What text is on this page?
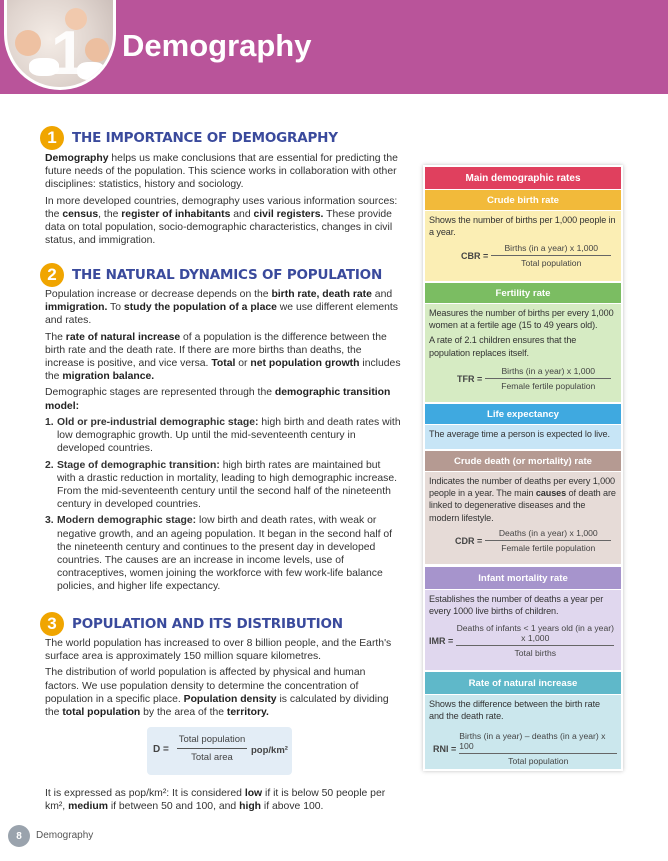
1 Demography
1	THE IMPORTANCE OF DEMOGRAPHY

Demography helps us make conclusions that are essential for predicting the future needs of the population. This science works in collaboration with other disciplines: statistics, history and sociology.

In more developed countries, demography uses various information sources: the census, the register of inhabitants and civil registers. These provide data on total population, socio-demographic characteristics, changes in civil status, and immigration.

2	THE NATURAL DYNAMICS OF POPULATION

Population increase or decrease depends on the birth rate, death rate and immigration. To study the population of a place we use different elements and rates.

The rate of natural increase of a population is the difference between the birth rate and the death rate. If there are more births than deaths, the increase is positive, and vice versa. Total or net population growth includes the migration balance.

Demographic stages are represented through the demographic transition model:

1. Old or pre-industrial demographic stage: high birth and death rates with low demographic growth. Up until the mid-seventeenth century in developed countries.
2. Stage of demographic transition: high birth rates are maintained but with a drastic reduction in mortality, leading to high demographic increase. From the mid-seventeenth century until the second half of the nineteenth century in developed countries.
3. Modern demographic stage: low birth and death rates, with weak or negative growth, and an ageing population. It began in the second half of the nineteenth century and continues to the present day in developed countries. The causes are an increase in income levels, use of contraceptives, women joining the workforce with few work-life balance policies, and higher life expectancy.
3	POPULATION AND ITS DISTRIBUTION

The world population has increased to over 8 billion people, and the Earth's surface area is approximately 150 million square kilometres.

The distribution of world population is affected by physical and human factors. We use population density to determine the concentration of population in a specific place. Population density is calculated by dividing the total population by the area of the territory.

D =
Total population
Total area
pop/km²

It is expressed as pop/km²: It is considered low if it is below 50 people per km², medium if between 50 and 100, and high if above 100.

8	Demography
Main demographic rates
Crude birth rate
Shows the number of births per 1,000 people in a year.
CBR =
Births (in a year) x 1,000
Total population
Fertility rate
Measures the number of births per every 1,000 women at a fertile age (15 to 49 years old).
A rate of 2.1 children ensures that the population replaces itself.
TFR =
Births (in a year) x 1,000
Female fertile population
Life expectancy
The average time a person is expected lo live.
Crude death (or mortality) rate
Indicates the number of deaths per every 1,000 people in a year. The main causes of death are linked to degenerative diseases and the modern lifestyle.
CDR =
Deaths (in a year) x 1,000
Female fertile population
Infant mortality rate
Establishes the number of deaths a year per every 1000 live births of children.
IMR =
Deaths of infants < 1 years old (in a year)
x 1,000
Total births
Rate of natural increase
Shows the difference between the birth rate and the death rate.
RNI =
Births (in a year) – deaths (in a year) x 100
Total population
